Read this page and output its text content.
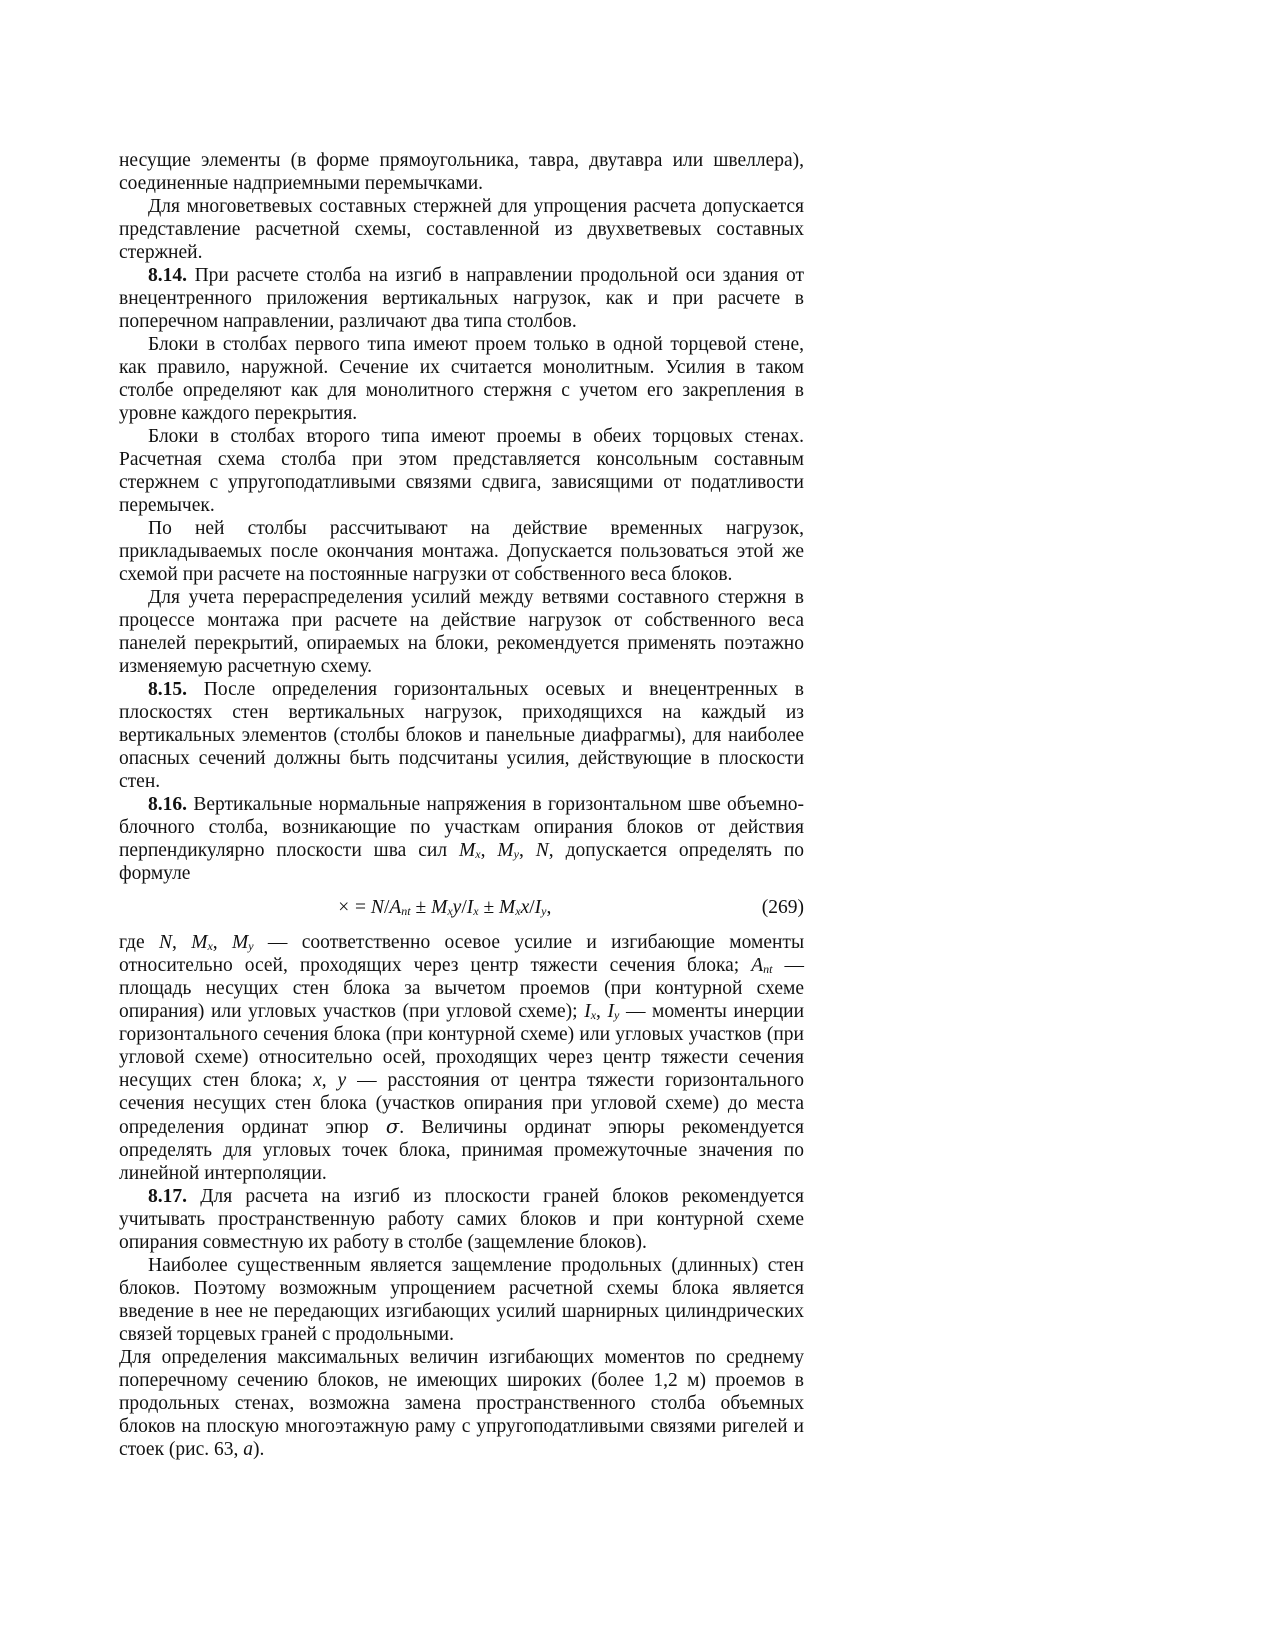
несущие элементы (в форме прямоугольника, тавра, двутавра или швеллера), соединенные надприемными перемычками.

Для многоветвевых составных стержней для упрощения расчета допускается представление расчетной схемы, составленной из двухветвевых составных стержней.

8.14. При расчете столба на изгиб в направлении продольной оси здания от внецентренного приложения вертикальных нагрузок, как и при расчете в поперечном направлении, различают два типа столбов.

Блоки в столбах первого типа имеют проем только в одной торцевой стене, как правило, наружной. Сечение их считается монолитным. Усилия в таком столбе определяют как для монолитного стержня с учетом его закрепления в уровне каждого перекрытия.

Блоки в столбах второго типа имеют проемы в обеих торцовых стенах. Расчетная схема столба при этом представляется консольным составным стержнем с упругоподатливыми связями сдвига, зависящими от податливости перемычек.

По ней столбы рассчитывают на действие временных нагрузок, прикладываемых после окончания монтажа. Допускается пользоваться этой же схемой при расчете на постоянные нагрузки от собственного веса блоков.

Для учета перераспределения усилий между ветвями составного стержня в процессе монтажа при расчете на действие нагрузок от собственного веса панелей перекрытий, опираемых на блоки, рекомендуется применять поэтажно изменяемую расчетную схему.

8.15. После определения горизонтальных осевых и внецентренных в плоскостях стен вертикальных нагрузок, приходящихся на каждый из вертикальных элементов (столбы блоков и панельные диафрагмы), для наиболее опасных сечений должны быть подсчитаны усилия, действующие в плоскости стен.

8.16. Вертикальные нормальные напряжения в горизонтальном шве объемно-блочного столба, возникающие по участкам опирания блоков от действия перпендикулярно плоскости шва сил $M_x$, $M_y$, N, допускается определять по формуле

× = $N/A_{nt} \pm M_xy/I_x \pm M_xx/I_y$,	(269)

где N, $M_x$, $M_y$ — соответственно осевое усилие и изгибающие моменты относительно осей, проходящих через центр тяжести сечения блока; $A_{nt}$ — площадь несущих стен блока за вычетом проемов (при контурной схеме опирания) или угловых участков (при угловой схеме); $I_x$, $I_y$ — моменты инерции горизонтального сечения блока (при контурной схеме) или угловых участков (при угловой схеме) относительно осей, проходящих через центр тяжести сечения несущих стен блока; x, y — расстояния от центра тяжести горизонтального сечения несущих стен блока (участков опирания при угловой схеме) до места определения ординат эпюр σ. Величины ординат эпюры рекомендуется определять для угловых точек блока, принимая промежуточные значения по линейной интерполяции.

8.17. Для расчета на изгиб из плоскости граней блоков рекомендуется учитывать пространственную работу самих блоков и при контурной схеме опирания совместную их работу в столбе (защемление блоков).

Наиболее существенным является защемление продольных (длинных) стен блоков. Поэтому возможным упрощением расчетной схемы блока является введение в нее не передающих изгибающих усилий шарнирных цилиндрических связей торцевых граней с продольными.

Для определения максимальных величин изгибающих моментов по среднему поперечному сечению блоков, не имеющих широких (более 1,2 м) проемов в продольных стенах, возможна замена пространственного столба объемных блоков на плоскую многоэтажную раму с упругоподатливыми связями ригелей и стоек (рис. 63, а).
